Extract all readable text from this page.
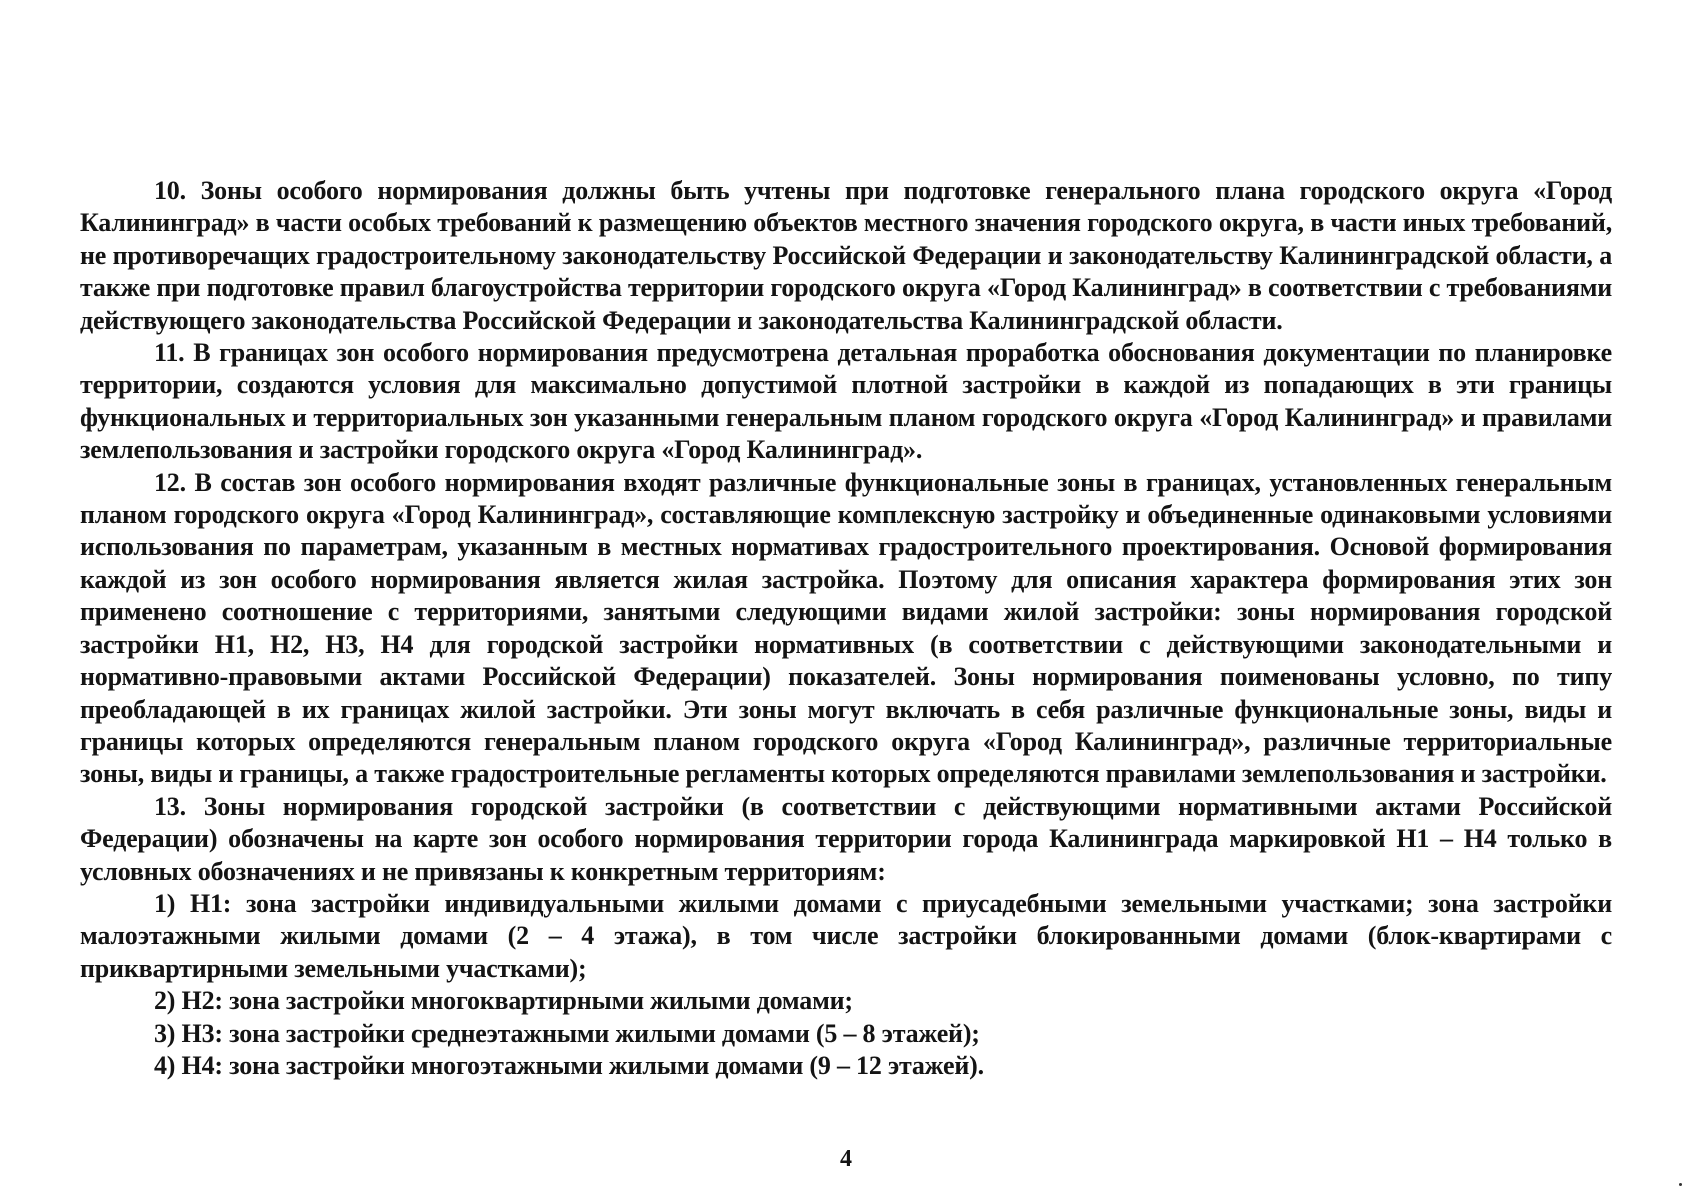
10. Зоны особого нормирования должны быть учтены при подготовке генерального плана городского округа «Город Калининград» в части особых требований к размещению объектов местного значения городского округа, в части иных требований, не противоречащих градостроительному законодательству Российской Федерации и законодательству Калининградской области, а также при подготовке правил благоустройства территории городского округа «Город Калининград» в соответствии с требованиями действующего законодательства Российской Федерации и законодательства Калининградской области.

11. В границах зон особого нормирования предусмотрена детальная проработка обоснования документации по планировке территории, создаются условия для максимально допустимой плотной застройки в каждой из попадающих в эти границы функциональных и территориальных зон указанными генеральным планом городского округа «Город Калининград» и правилами землепользования и застройки городского округа «Город Калининград».

12. В состав зон особого нормирования входят различные функциональные зоны в границах, установленных генеральным планом городского округа «Город Калининград», составляющие комплексную застройку и объединенные одинаковыми условиями использования по параметрам, указанным в местных нормативах градостроительного проектирования. Основой формирования каждой из зон особого нормирования является жилая застройка. Поэтому для описания характера формирования этих зон применено соотношение с территориями, занятыми следующими видами жилой застройки: зоны нормирования городской застройки Н1, Н2, Н3, Н4 для городской застройки нормативных (в соответствии с действующими законодательными и нормативно-правовыми актами Российской Федерации) показателей. Зоны нормирования поименованы условно, по типу преобладающей в их границах жилой застройки. Эти зоны могут включать в себя различные функциональные зоны, виды и границы которых определяются генеральным планом городского округа «Город Калининград», различные территориальные зоны, виды и границы, а также градостроительные регламенты которых определяются правилами землепользования и застройки.

13. Зоны нормирования городской застройки (в соответствии с действующими нормативными актами Российской Федерации) обозначены на карте зон особого нормирования территории города Калининграда маркировкой Н1 – Н4 только в условных обозначениях и не привязаны к конкретным территориям:

1) Н1: зона застройки индивидуальными жилыми домами с приусадебными земельными участками; зона застройки малоэтажными жилыми домами (2 – 4 этажа), в том числе застройки блокированными домами (блок-квартирами с приквартирными земельными участками);

2) Н2: зона застройки многоквартирными жилыми домами;

3) Н3: зона застройки среднеэтажными жилыми домами (5 – 8 этажей);

4) Н4: зона застройки многоэтажными жилыми домами (9 – 12 этажей).

4
